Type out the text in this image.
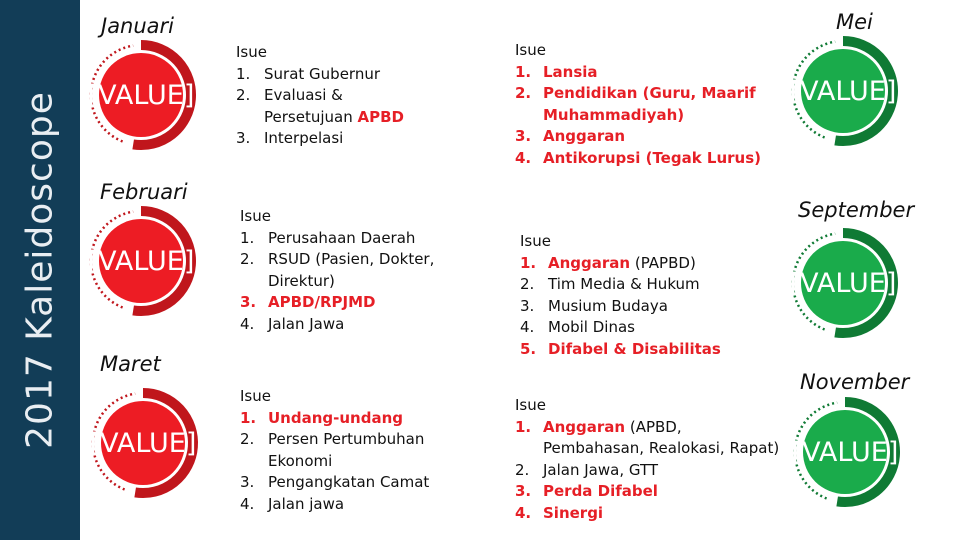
2017 Kaleidoscope
Januari
Februari
Maret
Mei
September
November
[VALUE]
[VALUE]
[VALUE]
[VALUE]
[VALUE]
[VALUE]
Isue
1. Surat Gubernur
2. Evaluasi & Persetujuan APBD
3. Interpelasi
Isue
1. Perusahaan Daerah
2. RSUD (Pasien, Dokter, Direktur)
3. APBD/RPJMD
4. Jalan Jawa
Isue
1. Undang-undang
2. Persen Pertumbuhan Ekonomi
3. Pengangkatan Camat
4. Jalan jawa
Isue
1. Lansia
2. Pendidikan (Guru, Maarif Muhammadiyah)
3. Anggaran
4. Antikorupsi (Tegak Lurus)
Isue
1. Anggaran (PAPBD)
2. Tim Media & Hukum
3. Musium Budaya
4. Mobil Dinas
5. Difabel & Disabilitas
Isue
1. Anggaran (APBD, Pembahasan, Realokasi, Rapat)
2. Jalan Jawa, GTT
3. Perda Difabel
4. Sinergi
